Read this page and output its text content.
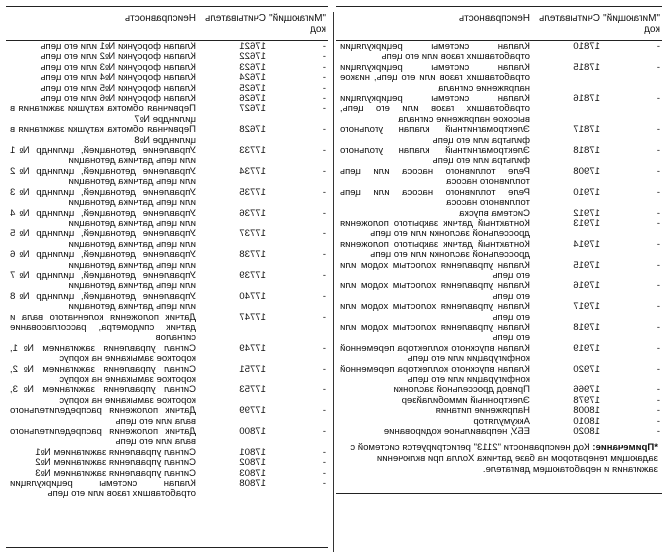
"Мигающий" код
Считыватель
Неисправность
-
17621
Клапан форсунки №1 или его цепь
-
17622
Клапан форсунки №2 или его цепь
-
17623
Клапан форсунки №3 или его цепь
-
17624
Клапан форсунки №4 или его цепь
-
17625
Клапан форсунки №5 или его цепь
-
17626
Клапан форсунки №6 или его цепь
-
17627
Первичная обмотка катушки зажигания в цилиндре №7
-
17628
Первичная обмотка катушки зажигания в цилиндре №8
-
17733
Управление детонацией, цилиндр №1 или цепь датчика детонации
-
17734
Управление детонацией, цилиндр №2 или цепь датчика детонации
-
17735
Управление детонацией, цилиндр №3 или цепь датчика детонации
-
17736
Управление детонацией, цилиндр №4 или цепь датчика детонации
-
17737
Управление детонацией, цилиндр №5 или цепь датчика детонации
-
17738
Управление детонацией, цилиндр №6 или цепь датчика детонации
-
17739
Управление детонацией, цилиндр №7 или цепь датчика детонации
-
17740
Управление детонацией, цилиндр №8 или цепь датчика детонации
-
17747
Датчик положения коленчатого вала и датчик спидометра, рассогласование сигналов
-
17749
Сигнал управления зажиганием №1, короткое замыкание на корпус
-
17751
Сигнал управления зажиганием №2, короткое замыкание на корпус
-
17753
Сигнал управления зажиганием №3, короткое замыкание на корпус
-
17799
Датчик положения распределительного вала или его цепь
-
17800
Датчик положения распределительного вала или его цепь
-
17801
Сигнал управления зажиганием №1
-
17802
Сигнал управления зажиганием №2
-
17803
Сигнал управления зажиганием №3
-
17808
Клапан системы рециркуляции отработавших газов или его цепь
"Мигающий" код
Считыватель
Неисправность
-
17810
Клапан системы рециркуляции отработавших газов или его цепь
-
17815
Клапан системы рециркуляции отработавших газов или его цепь, низкое напряжение сигнала
-
17816
Клапан системы рециркуляции отработавших газов или его цепь, высокое напряжение сигнала
-
17817
Электромагнитный клапан угольного фильтра или его цепь
-
17818
Электромагнитный клапан угольного фильтра или его цепь
-
17908
Реле топливного насоса или цепь топливного насоса
-
17910
Реле топливного насоса или цепь топливного насоса
-
17912
Система впуска
-
17913
Контактный датчик закрытого положения дроссельной заслонки или его цепь
-
17914
Контактный датчик закрытого положения дроссельной заслонки или его цепь
-
17915
Клапан управления холостым ходом или его цепь
-
17916
Клапан управления холостым ходом или его цепь
-
17917
Клапан управления холостым ходом или его цепь
-
17918
Клапан управления холостым ходом или его цепь
-
17919
Клапан впускного коллектора переменной конфигурации или его цепь
-
17920
Клапан впускного коллектора переменной конфигурации или его цепь
-
17966
Привод дроссельной заслонки
-
17978
Электронный иммобилайзер
-
18008
Напряжение питания
-
18010
Аккумулятор
-
18020
ЕБУ, неправильное кодирование
*Примечание: Код неисправности "2113" регистрируется системой с задающим генератором на базе датчика Холла при включении зажигания и неработающем двигателе.
